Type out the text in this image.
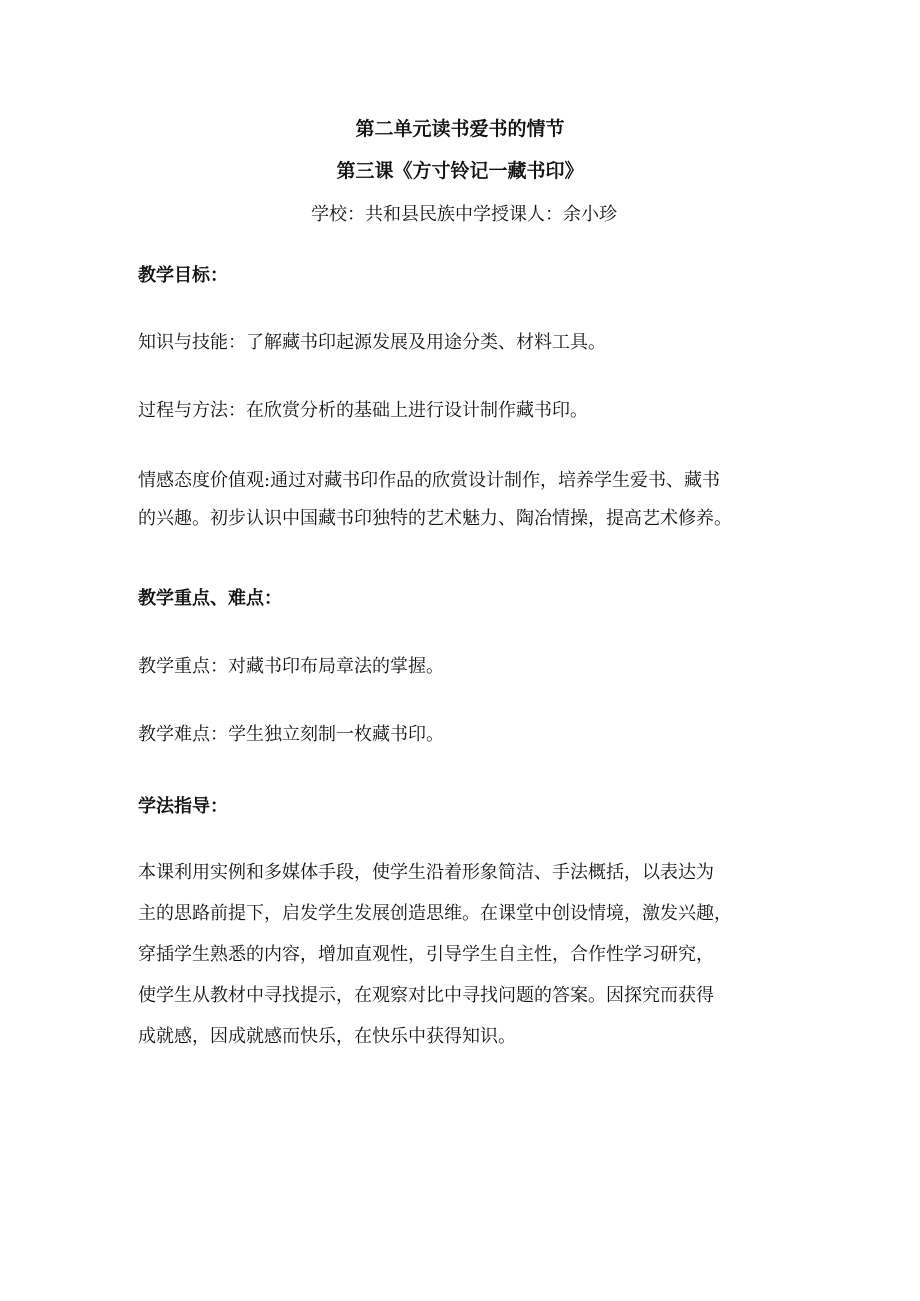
第二单元读书爱书的情节
第三课《方寸铃记一藏书印》
学校：共和县民族中学授课人：余小珍
教学目标：
知识与技能：了解藏书印起源发展及用途分类、材料工具。
过程与方法：在欣赏分析的基础上进行设计制作藏书印。
情感态度价值观:通过对藏书印作品的欣赏设计制作，培养学生爱书、藏书
的兴趣。初步认识中国藏书印独特的艺术魅力、陶冶情操，提高艺术修养。
教学重点、难点：
教学重点：对藏书印布局章法的掌握。
教学难点：学生独立刻制一枚藏书印。
学法指导：
本课利用实例和多媒体手段，使学生沿着形象简洁、手法概括，以表达为
主的思路前提下，启发学生发展创造思维。在课堂中创设情境，激发兴趣，
穿插学生熟悉的内容，增加直观性，引导学生自主性，合作性学习研究，
使学生从教材中寻找提示，在观察对比中寻找问题的答案。因探究而获得
成就感，因成就感而快乐，在快乐中获得知识。
